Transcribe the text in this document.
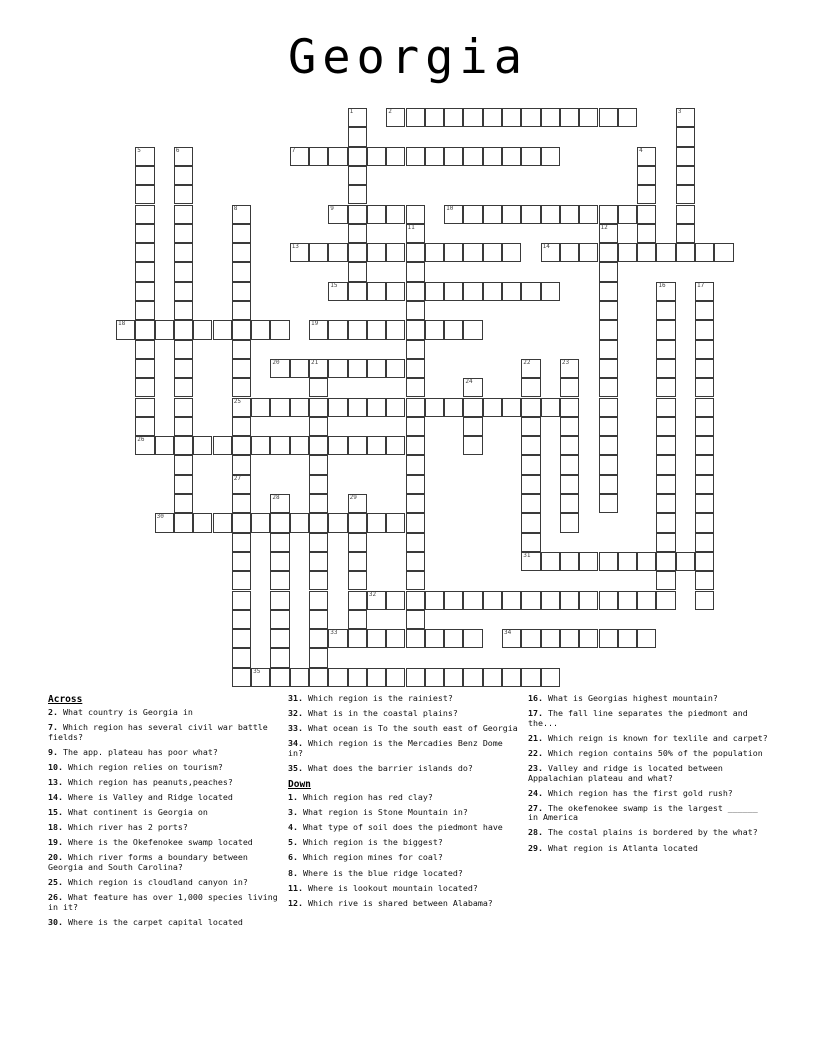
Georgia
1	2	3
4
5
26
6	7
8
25
27
9	10
11	12
13	14
15	16	17
18	19
20	21	22
31
23
24
28	29
30
32
33	34
35
Across

2. What country is Georgia in

7. Which region has several civil war battle fields?

9. The app. plateau has poor what?

10. Which region relies on tourism?

13. Which region has peanuts,peaches?

14. Where is Valley and Ridge located

15. What continent is Georgia on

18. Which river has 2 ports?

19. Where is the Okefenokee swamp located

20. Which river forms a boundary between Georgia and South Carolina?

25. Which region is cloudland canyon in?

26. What feature has over 1,000 species living in it?

30. Where is the carpet capital located

31. Which region is the rainiest?

32. What is in the coastal plains?

33. What ocean is To the south east of Georgia

34. Which region is the Mercadies Benz Dome in?

35. What does the barrier islands do?

Down

1. Which region has red clay?

3. What region is Stone Mountain in?

4. What type of soil does the piedmont have

5. Which region is the biggest?

6. Which region mines for coal?

8. Where is the blue ridge located?

11. Where is lookout mountain located?

12. Which rive is shared between Alabama?

16. What is Georgias highest mountain?

17. The fall line separates the piedmont and the...

21. Which reign is known for texlile and carpet?

22. Which region contains 50% of the population

23. Valley and ridge is located between Appalachian plateau and what?

24. Which region has the first gold rush?

27. The okefenokee swamp is the largest ______ in America

28. The costal plains is bordered by the what?

29. What region is Atlanta located
